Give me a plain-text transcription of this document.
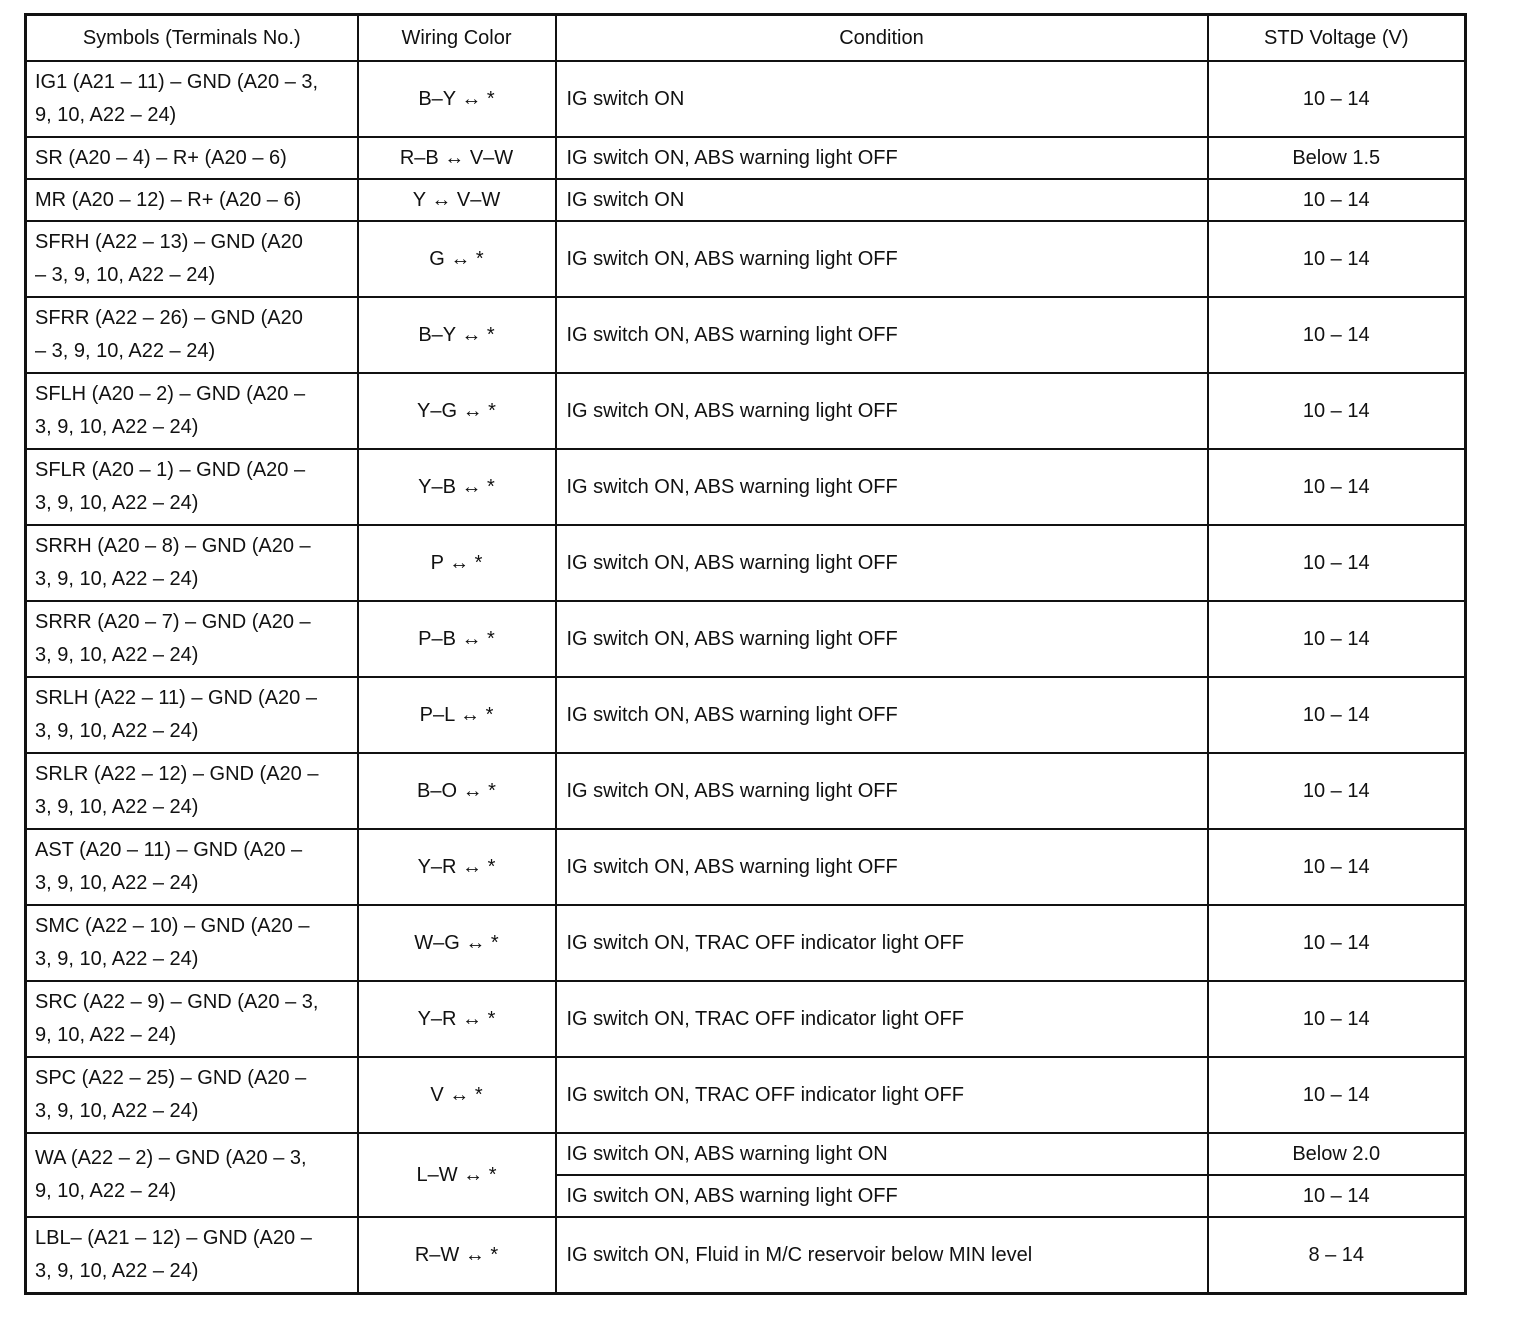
Symbols (Terminals No.)	Wiring Color	Condition	STD Voltage (V)
IG1 (A21 – 11) – GND (A20 – 3,
9, 10, A22 – 24)	B–Y ↔ *	IG switch ON	10 – 14
SR (A20 – 4) – R+ (A20 – 6)	R–B ↔ V–W	IG switch ON, ABS warning light OFF	Below 1.5
MR (A20 – 12) – R+ (A20 – 6)	Y ↔ V–W	IG switch ON	10 – 14
SFRH (A22 – 13) – GND (A20
– 3, 9, 10, A22 – 24)	G ↔ *	IG switch ON, ABS warning light OFF	10 – 14
SFRR (A22 – 26) – GND (A20
– 3, 9, 10, A22 – 24)	B–Y ↔ *	IG switch ON, ABS warning light OFF	10 – 14
SFLH (A20 – 2) – GND (A20 –
3, 9, 10, A22 – 24)	Y–G ↔ *	IG switch ON, ABS warning light OFF	10 – 14
SFLR (A20 – 1) – GND (A20 –
3, 9, 10, A22 – 24)	Y–B ↔ *	IG switch ON, ABS warning light OFF	10 – 14
SRRH (A20 – 8) – GND (A20 –
3, 9, 10, A22 – 24)	P ↔ *	IG switch ON, ABS warning light OFF	10 – 14
SRRR (A20 – 7) – GND (A20 –
3, 9, 10, A22 – 24)	P–B ↔ *	IG switch ON, ABS warning light OFF	10 – 14
SRLH (A22 – 11) – GND (A20 –
3, 9, 10, A22 – 24)	P–L ↔ *	IG switch ON, ABS warning light OFF	10 – 14
SRLR (A22 – 12) – GND (A20 –
3, 9, 10, A22 – 24)	B–O ↔ *	IG switch ON, ABS warning light OFF	10 – 14
AST (A20 – 11) – GND (A20 –
3, 9, 10, A22 – 24)	Y–R ↔ *	IG switch ON, ABS warning light OFF	10 – 14
SMC (A22 – 10) – GND (A20 –
3, 9, 10, A22 – 24)	W–G ↔ *	IG switch ON, TRAC OFF indicator light OFF	10 – 14
SRC (A22 – 9) – GND (A20 – 3,
9, 10, A22 – 24)	Y–R ↔ *	IG switch ON, TRAC OFF indicator light OFF	10 – 14
SPC (A22 – 25) – GND (A20 –
3, 9, 10, A22 – 24)	V ↔ *	IG switch ON, TRAC OFF indicator light OFF	10 – 14
WA (A22 – 2) – GND (A20 – 3,
9, 10, A22 – 24)	L–W ↔ *	IG switch ON, ABS warning light ON	Below 2.0
		IG switch ON, ABS warning light OFF	10 – 14
LBL– (A21 – 12) – GND (A20 –
3, 9, 10, A22 – 24)	R–W ↔ *	IG switch ON, Fluid in M/C reservoir below MIN level	8 – 14
